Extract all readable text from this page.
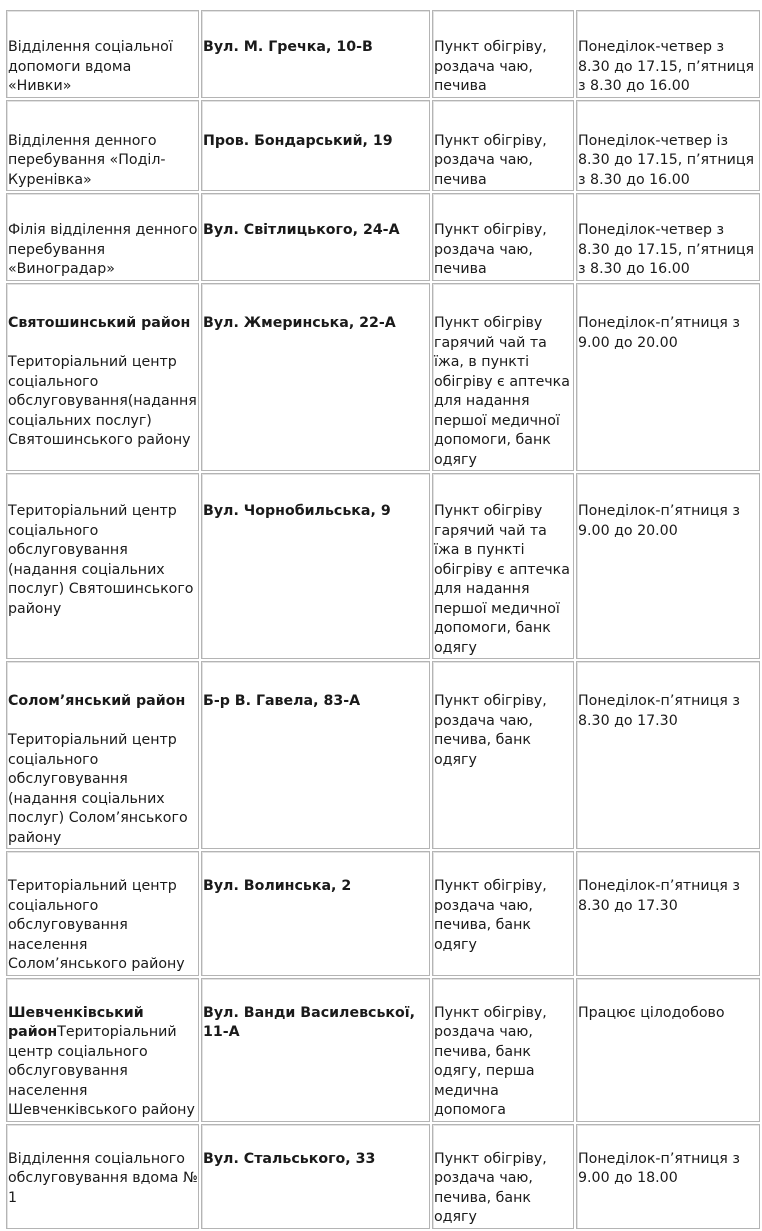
Відділення соціальної допомоги вдома «Нивки»	Вул. М. Гречка, 10-В	Пункт обігріву, роздача чаю, печива	Понеділок-четвер з 8.30 до 17.15, п’ятниця з 8.30 до 16.00

Відділення денного перебування «Поділ-Куренівка»	Пров. Бондарський, 19	Пункт обігріву, роздача чаю, печива	Понеділок-четвер із 8.30 до 17.15, п’ятниця з 8.30 до 16.00

Філія відділення денного перебування «Виноградар»	Вул. Світлицького, 24-А	Пункт обігріву, роздача чаю, печива	Понеділок-четвер з 8.30 до 17.15, п’ятниця з 8.30 до 16.00

Святошинський район
Територіальний центр соціального обслуговування(надання соціальних послуг) Святошинського району	Вул. Жмеринська, 22-А	Пункт обігріву гарячий чай та їжа, в пункті обігріву є аптечка для надання першої медичної допомоги, банк одягу	Понеділок-п’ятниця з 9.00 до 20.00

Територіальний центр соціального обслуговування (надання соціальних послуг) Святошинського району	Вул. Чорнобильська, 9	Пункт обігріву гарячий чай та їжа в пункті обігріву є аптечка для надання першої медичної допомоги, банк одягу	Понеділок-п’ятниця з 9.00 до 20.00

Солом’янський район
Територіальний центр соціального обслуговування (надання соціальних послуг) Солом’янського району	Б-р В. Гавела, 83-А	Пункт обігріву, роздача чаю, печива, банк одягу	Понеділок-п’ятниця з 8.30 до 17.30

Територіальний центр соціального обслуговування населення Солом’янського району	Вул. Волинська, 2	Пункт обігріву, роздача чаю, печива, банк одягу	Понеділок-п’ятниця з 8.30 до 17.30

Шевченківський районТериторіальний центр соціального обслуговування населення Шевченківського району	Вул. Ванди Василевської, 11-А	Пункт обігріву, роздача чаю, печива, банк одягу, перша медична допомога	Працює цілодобово

Відділення соціального обслуговування вдома № 1	Вул. Стальського, 33	Пункт обігріву, роздача чаю, печива, банк одягу	Понеділок-п’ятниця з 9.00 до 18.00
